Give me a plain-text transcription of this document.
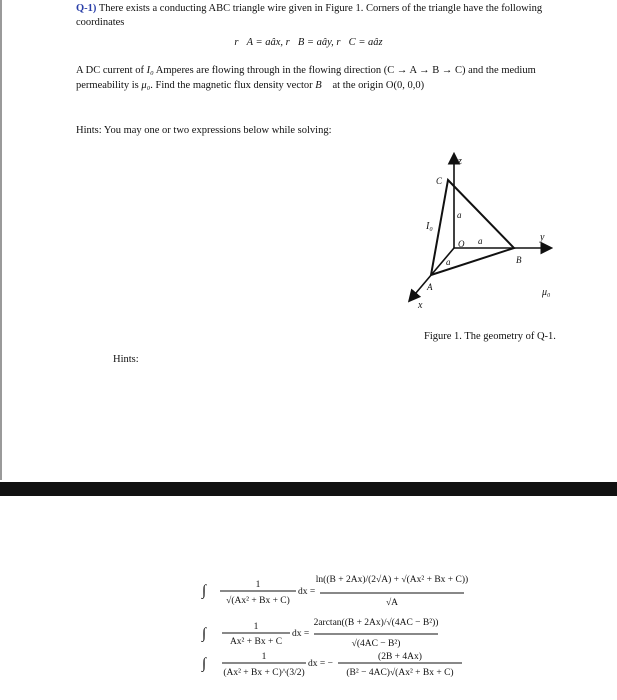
Q-1) There exists a conducting ABC triangle wire given in Figure 1. Corners of the triangle have the following coordinates
r⃗A = aâx, r⃗B = aây, r⃗C = aâz
A DC current of I₀ Amperes are flowing through in the flowing direction (C → A → B → C) and the medium permeability is μ₀. Find the magnetic flux density vector B⃗ at the origin O(0, 0,0)
Hints: You may one or two expressions below while solving:
z
y
x
C
B
A
O
a
a
a
I₀
μ₀
Figure 1. The geometry of Q-1.
Hints:
∫	1
√(Ax² + Bx + C)
dx =
ln((B + 2Ax)/(2√A) + √(Ax² + Bx + C))
√A
∫	1
Ax² + Bx + C
dx =
2arctan((B + 2Ax)/√(4AC − B²))
√(4AC − B²)
∫	1
(Ax² + Bx + C)^(3/2)
dx = −
(2B + 4Ax)
(B² − 4AC)√(Ax² + Bx + C)
